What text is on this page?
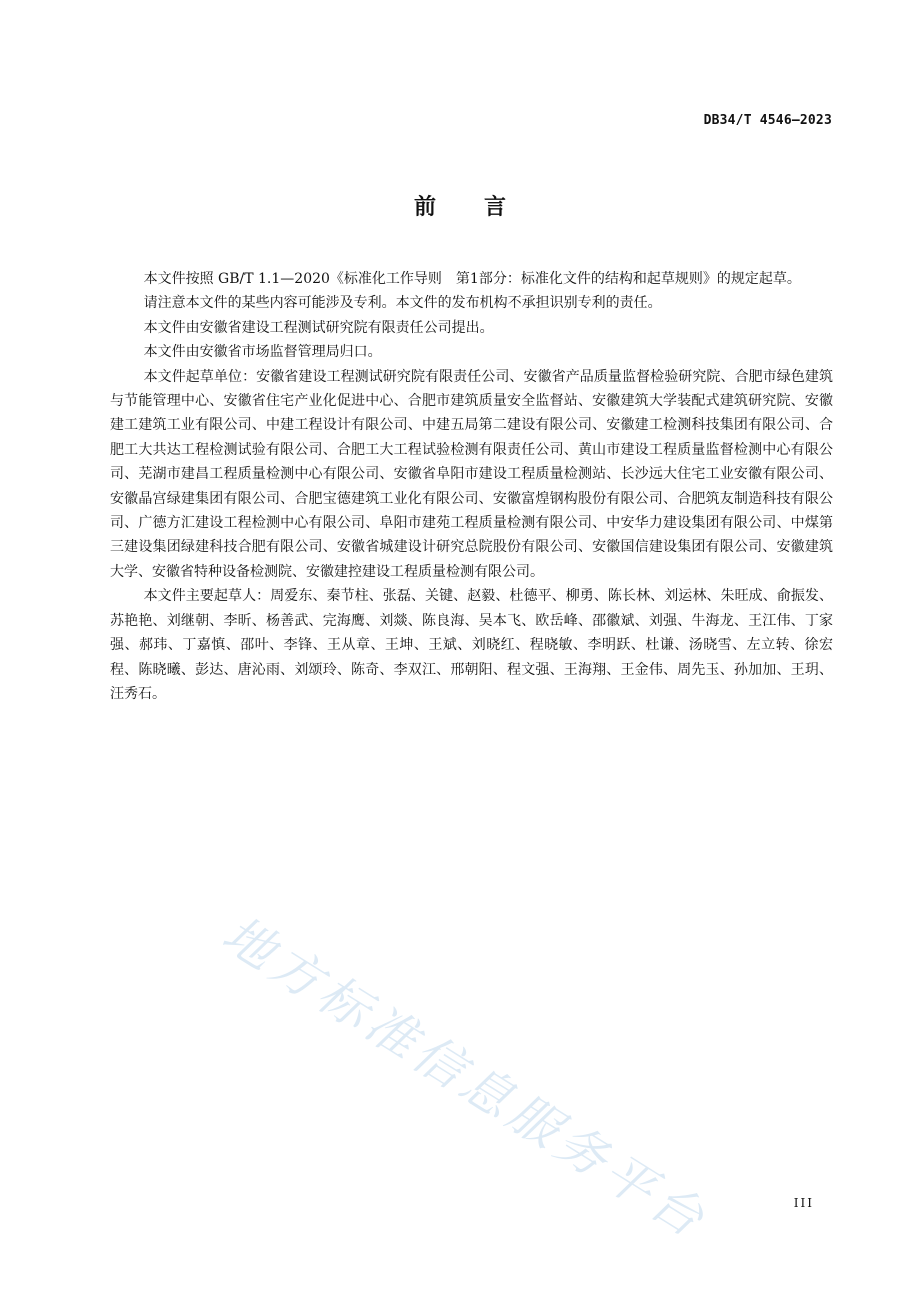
DB34/T 4546—2023
前言

本文件按照 GB/T 1.1—2020《标准化工作导则　第1部分：标准化文件的结构和起草规则》的规定起草。

请注意本文件的某些内容可能涉及专利。本文件的发布机构不承担识别专利的责任。

本文件由安徽省建设工程测试研究院有限责任公司提出。

本文件由安徽省市场监督管理局归口。

本文件起草单位：安徽省建设工程测试研究院有限责任公司、安徽省产品质量监督检验研究院、合肥市绿色建筑与节能管理中心、安徽省住宅产业化促进中心、合肥市建筑质量安全监督站、安徽建筑大学装配式建筑研究院、安徽建工建筑工业有限公司、中建工程设计有限公司、中建五局第二建设有限公司、安徽建工检测科技集团有限公司、合肥工大共达工程检测试验有限公司、合肥工大工程试验检测有限责任公司、黄山市建设工程质量监督检测中心有限公司、芜湖市建昌工程质量检测中心有限公司、安徽省阜阳市建设工程质量检测站、长沙远大住宅工业安徽有限公司、安徽晶宫绿建集团有限公司、合肥宝德建筑工业化有限公司、安徽富煌钢构股份有限公司、合肥筑友制造科技有限公司、广德方汇建设工程检测中心有限公司、阜阳市建苑工程质量检测有限公司、中安华力建设集团有限公司、中煤第三建设集团绿建科技合肥有限公司、安徽省城建设计研究总院股份有限公司、安徽国信建设集团有限公司、安徽建筑大学、安徽省特种设备检测院、安徽建控建设工程质量检测有限公司。

本文件主要起草人：周爱东、秦节柱、张磊、关键、赵毅、杜德平、柳勇、陈长林、刘运林、朱旺成、俞振发、苏艳艳、刘继朝、李昕、杨善武、完海鹰、刘燚、陈良海、吴本飞、欧岳峰、邵徽斌、刘强、牛海龙、王江伟、丁家强、郝玮、丁嘉慎、邵叶、李锋、王从章、王坤、王斌、刘晓红、程晓敏、李明跃、杜谦、汤晓雪、左立转、徐宏程、陈晓曦、彭达、唐沁雨、刘颂玲、陈奇、李双江、邢朝阳、程文强、王海翔、王金伟、周先玉、孙加加、王玥、汪秀石。

地方标准信息服务平台	III
